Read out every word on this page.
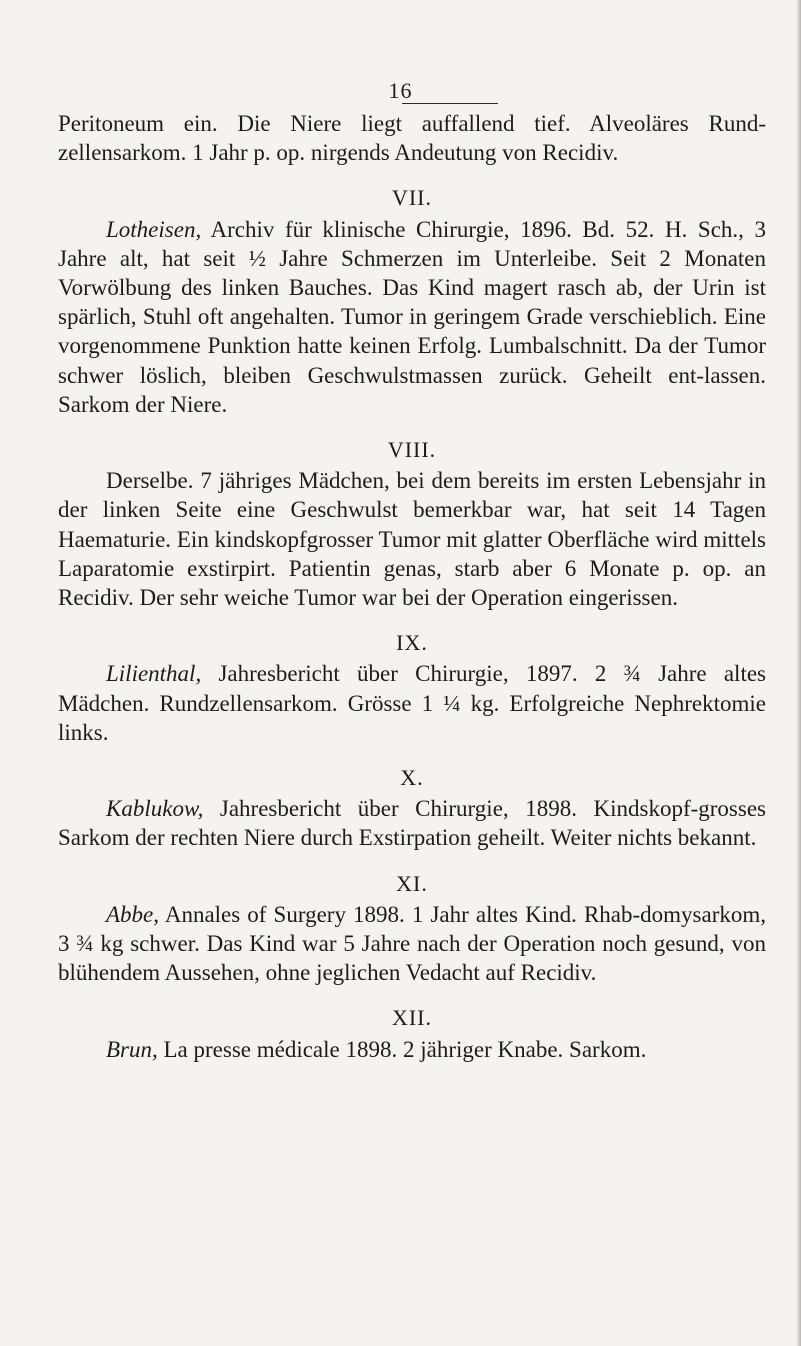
16

Peritoneum ein. Die Niere liegt auffallend tief. Alveoläres Rund-zellensarkom. 1 Jahr p. op. nirgends Andeutung von Recidiv.

VII.

Lotheisen, Archiv für klinische Chirurgie, 1896. Bd. 52. H. Sch., 3 Jahre alt, hat seit ½ Jahre Schmerzen im Unterleibe. Seit 2 Monaten Vorwölbung des linken Bauches. Das Kind magert rasch ab, der Urin ist spärlich, Stuhl oft angehalten. Tumor in geringem Grade verschieblich. Eine vorgenommene Punktion hatte keinen Erfolg. Lumbalschnitt. Da der Tumor schwer löslich, bleiben Geschwulstmassen zurück. Geheilt ent-lassen. Sarkom der Niere.

VIII.

Derselbe. 7 jähriges Mädchen, bei dem bereits im ersten Lebensjahr in der linken Seite eine Geschwulst bemerkbar war, hat seit 14 Tagen Haematurie. Ein kindskopfgrosser Tumor mit glatter Oberfläche wird mittels Laparatomie exstirpirt. Patientin genas, starb aber 6 Monate p. op. an Recidiv. Der sehr weiche Tumor war bei der Operation eingerissen.

IX.

Lilienthal, Jahresbericht über Chirurgie, 1897. 2 ¾ Jahre altes Mädchen. Rundzellensarkom. Grösse 1 ¼ kg. Erfolgreiche Nephrektomie links.

X.

Kablukow, Jahresbericht über Chirurgie, 1898. Kindskopf-grosses Sarkom der rechten Niere durch Exstirpation geheilt. Weiter nichts bekannt.

XI.

Abbe, Annales of Surgery 1898. 1 Jahr altes Kind. Rhab-domysarkom, 3 ¾ kg schwer. Das Kind war 5 Jahre nach der Operation noch gesund, von blühendem Aussehen, ohne jeglichen Vedacht auf Recidiv.

XII.

Brun, La presse médicale 1898. 2 jähriger Knabe. Sarkom.
